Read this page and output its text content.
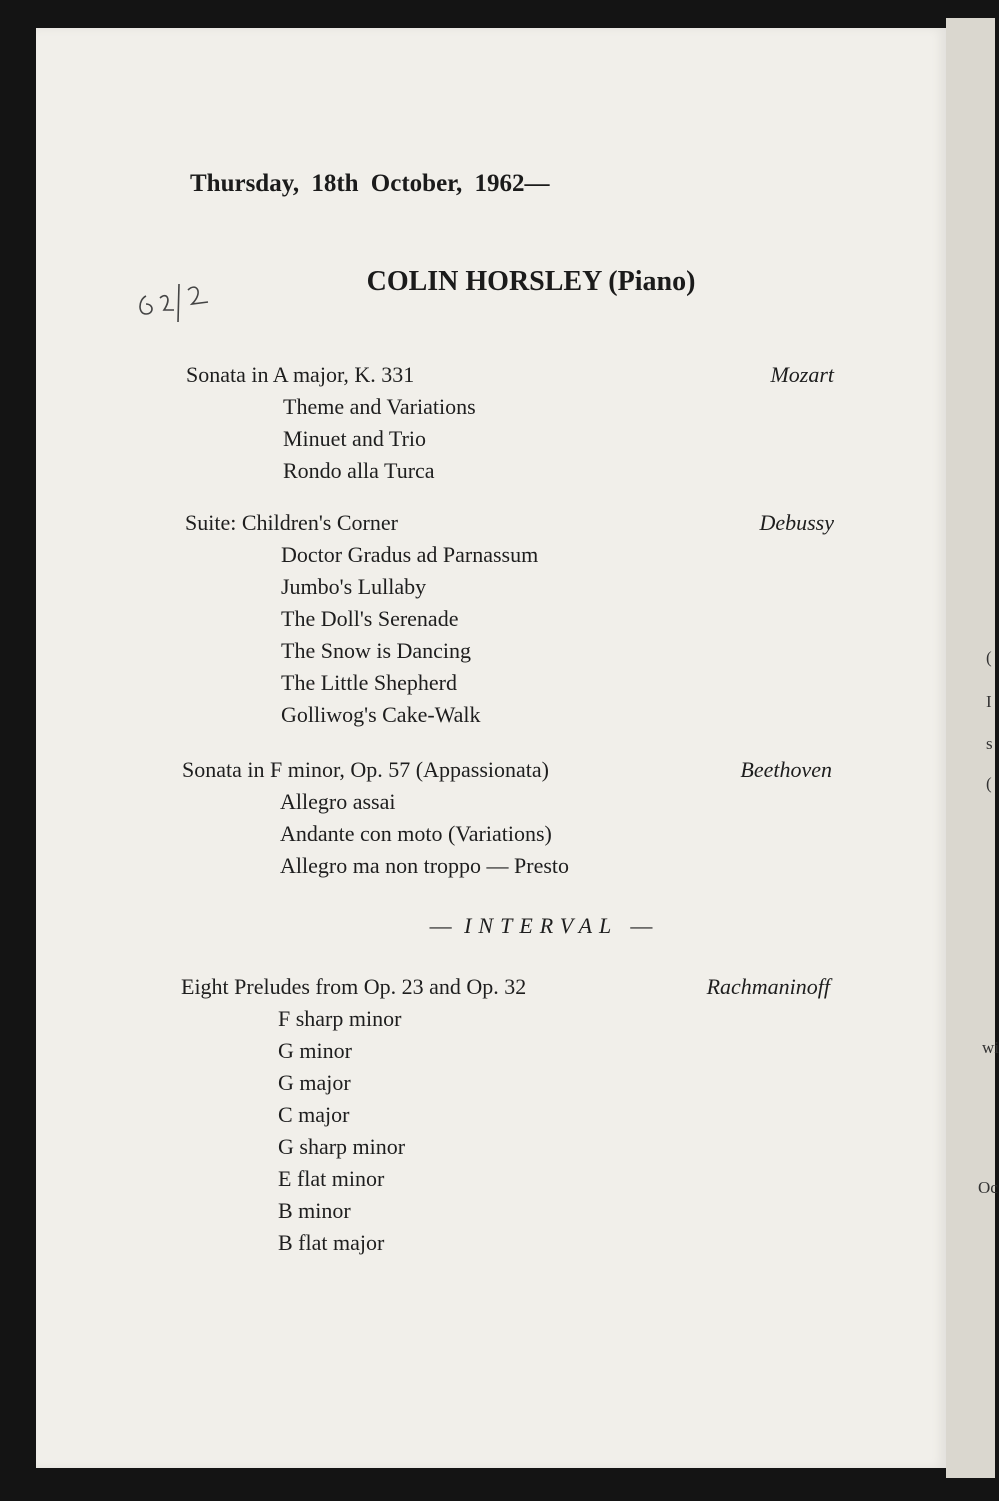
(
I
s
(
wi
Oc
Thursday, 18th October, 1962—
COLIN HORSLEY (Piano)
Sonata in A major, K. 331	Mozart
Theme and Variations
Minuet and Trio
Rondo alla Turca
Suite: Children's Corner	Debussy
Doctor Gradus ad Parnassum
Jumbo's Lullaby
The Doll's Serenade
The Snow is Dancing
The Little Shepherd
Golliwog's Cake-Walk
Sonata in F minor, Op. 57 (Appassionata)	Beethoven
Allegro assai
Andante con moto (Variations)
Allegro ma non troppo — Presto
— INTERVAL —
Eight Preludes from Op. 23 and Op. 32	Rachmaninoff
F sharp minor
G minor
G major
C major
G sharp minor
E flat minor
B minor
B flat major
